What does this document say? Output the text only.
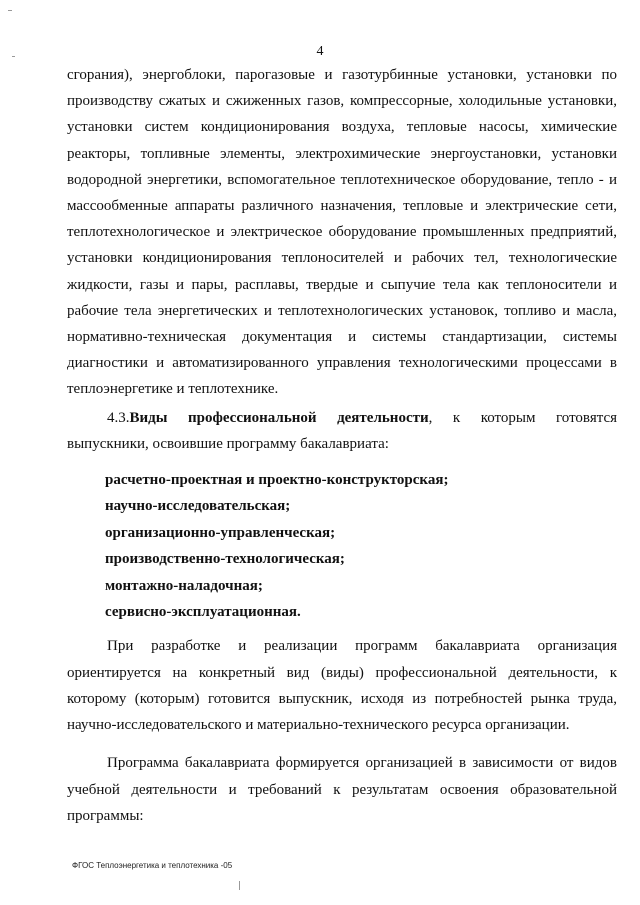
4

сгорания), энергоблоки, парогазовые и газотурбинные установки, установки по производству сжатых и сжиженных газов, компрессорные, холодильные установки, установки систем кондиционирования воздуха, тепловые насосы, химические реакторы, топливные элементы, электрохимические энергоустановки, установки водородной энергетики, вспомогательное теплотехническое оборудование, тепло - и массообменные аппараты различного назначения, тепловые и электрические сети, теплотехнологическое и электрическое оборудование промышленных предприятий, установки кондиционирования теплоносителей и рабочих тел, технологические жидкости, газы и пары, расплавы, твердые и сыпучие тела как теплоносители и рабочие тела энергетических и теплотехнологических установок, топливо и масла, нормативно-техническая документация и системы стандартизации, системы диагностики и автоматизированного управления технологическими процессами в теплоэнергетике и теплотехнике.

4.3.Виды профессиональной деятельности, к которым готовятся выпускники, освоившие программу бакалавриата:

расчетно-проектная и проектно-конструкторская;
научно-исследовательская;
организационно-управленческая;
производственно-технологическая;
монтажно-наладочная;
сервисно-эксплуатационная.

При разработке и реализации программ бакалавриата организация ориентируется на конкретный вид (виды) профессиональной деятельности, к которому (которым) готовится выпускник, исходя из потребностей рынка труда, научно-исследовательского и материально-технического ресурса организации.

Программа бакалавриата формируется организацией в зависимости от видов учебной деятельности и требований к результатам освоения образовательной программы:

ФГОС Теплоэнергетика и теплотехника -05
